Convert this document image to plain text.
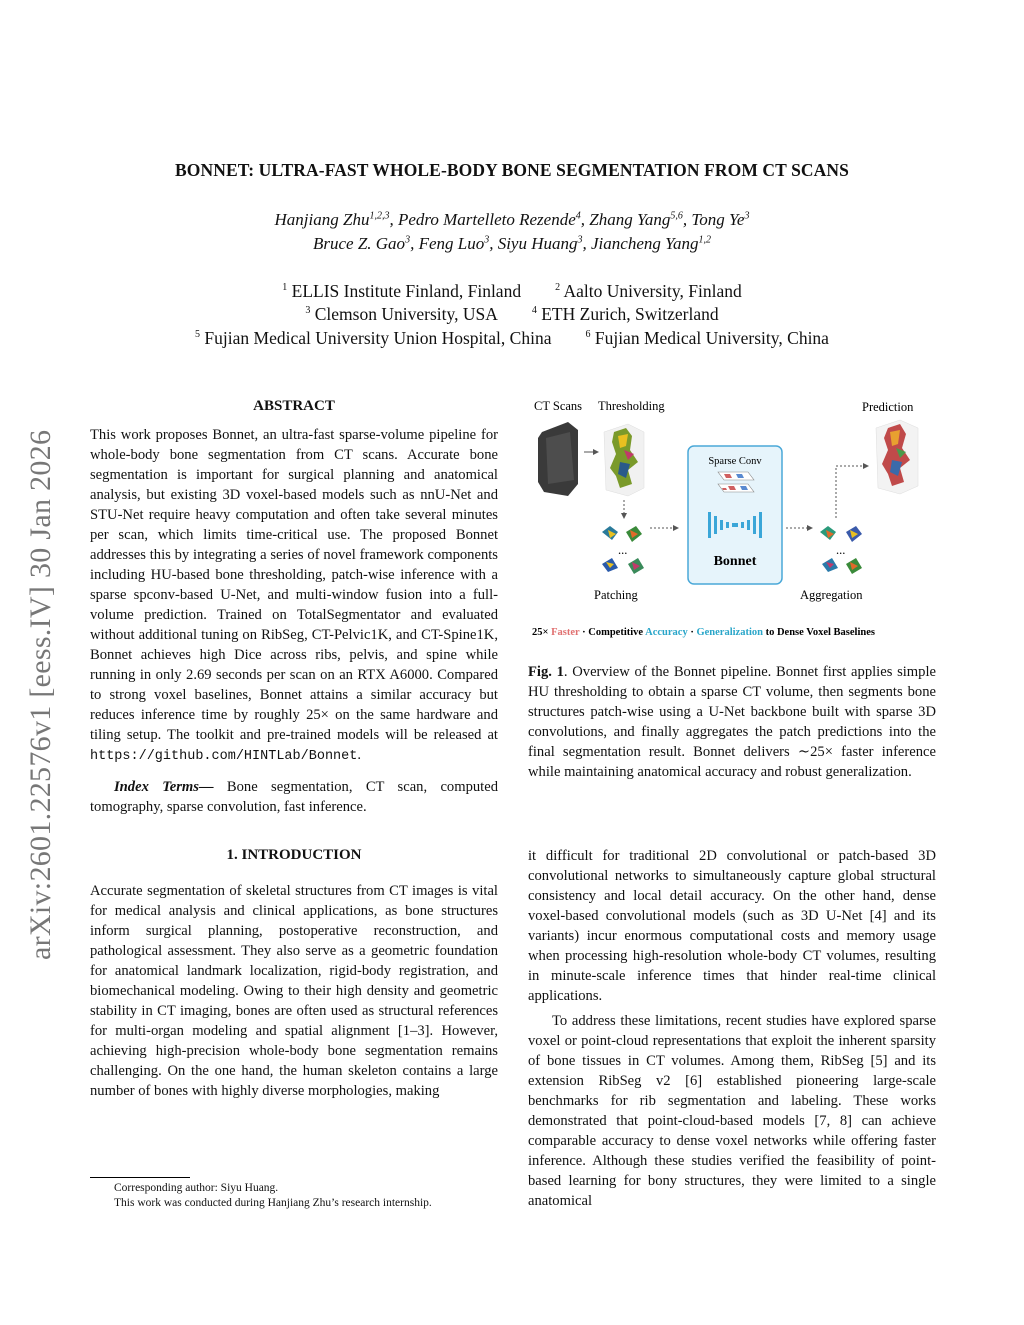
arXiv:2601.22576v1 [eess.IV] 30 Jan 2026
BONNET: ULTRA-FAST WHOLE-BODY BONE SEGMENTATION FROM CT SCANS
Hanjiang Zhu$^{1,2,3}$, Pedro Martelleto Rezende$^4$, Zhang Yang$^{5,6}$, Tong Ye$^3$
Bruce Z. Gao$^3$, Feng Luo$^3$, Siyu Huang$^3$, Jiancheng Yang$^{1,2}$
$^1$ ELLIS Institute Finland, Finland	$^2$ Aalto University, Finland
$^3$ Clemson University, USA	$^4$ ETH Zurich, Switzerland
$^5$ Fujian Medical University Union Hospital, China	$^6$ Fujian Medical University, China
ABSTRACT

This work proposes Bonnet, an ultra-fast sparse-volume pipeline for whole-body bone segmentation from CT scans. Accurate bone segmentation is important for surgical planning and anatomical analysis, but existing 3D voxel-based models such as nnU-Net and STU-Net require heavy computation and often take several minutes per scan, which limits time-critical use. The proposed Bonnet addresses this by integrating a series of novel framework components including HU-based bone thresholding, patch-wise inference with a sparse spconv-based U-Net, and multi-window fusion into a full-volume prediction. Trained on TotalSegmentator and evaluated without additional tuning on RibSeg, CT-Pelvic1K, and CT-Spine1K, Bonnet achieves high Dice across ribs, pelvis, and spine while running in only 2.69 seconds per scan on an RTX A6000. Compared to strong voxel baselines, Bonnet attains a similar accuracy but reduces inference time by roughly 25× on the same hardware and tiling setup. The toolkit and pre-trained models will be released at https://github.com/HINTLab/Bonnet.

Index Terms— Bone segmentation, CT scan, computed tomography, sparse convolution, fast inference.

1. INTRODUCTION

Accurate segmentation of skeletal structures from CT images is vital for medical analysis and clinical applications, as bone structures inform surgical planning, postoperative reconstruction, and pathological assessment. They also serve as a geometric foundation for anatomical landmark localization, rigid-body registration, and biomechanical modeling. Owing to their high density and geometric stability in CT imaging, bones are often used as structural references for multi-organ modeling and spatial alignment [1–3]. However, achieving high-precision whole-body bone segmentation remains challenging. On the one hand, the human skeleton contains a large number of bones with highly diverse morphologies, making

Corresponding author: Siyu Huang.
This work was conducted during Hanjiang Zhu’s research internship.
CT Scans Thresholding	Prediction
...
Sparse Conv
Bonnet
...
Patching	Aggregation
25× Faster · Competitive Accuracy · Generalization to Dense Voxel Baselines

Fig. 1. Overview of the Bonnet pipeline. Bonnet first applies simple HU thresholding to obtain a sparse CT volume, then segments bone structures patch-wise using a U-Net backbone built with sparse 3D convolutions, and finally aggregates the patch predictions into the final segmentation result. Bonnet delivers ∼25× faster inference while maintaining anatomical accuracy and robust generalization.

it difficult for traditional 2D convolutional or patch-based 3D convolutional networks to simultaneously capture global structural consistency and local detail accuracy. On the other hand, dense voxel-based convolutional models (such as 3D U-Net [4] and its variants) incur enormous computational costs and memory usage when processing high-resolution whole-body CT volumes, resulting in minute-scale inference times that hinder real-time clinical applications.

To address these limitations, recent studies have explored sparse voxel or point-cloud representations that exploit the inherent sparsity of bone tissues in CT volumes. Among them, RibSeg [5] and its extension RibSeg v2 [6] established pioneering large-scale benchmarks for rib segmentation and labeling. These works demonstrated that point-cloud-based models [7, 8] can achieve comparable accuracy to dense voxel networks while offering faster inference. Although these studies verified the feasibility of point-based learning for bony structures, they were limited to a single anatomical
